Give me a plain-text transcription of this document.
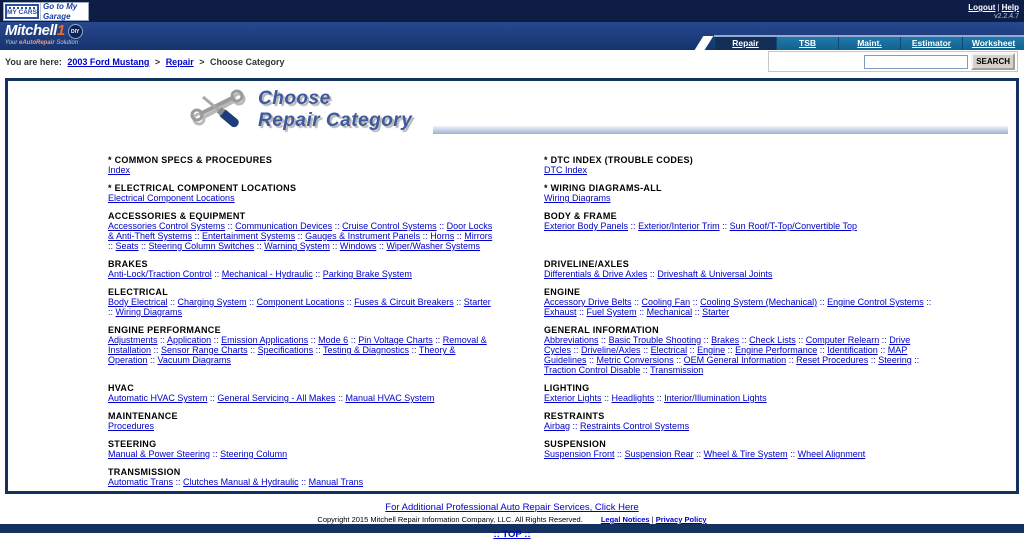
MY CARS
Go to My Garage
Logout | Help
v2.2.4.7
Mitchell1 DIY
Your eAutoRepair Solution	Repair	TSB	Maint.	Estimator	Worksheet
You are here: 2003 Ford Mustang > Repair > Choose Category	SEARCH
Choose
Repair Category
* COMMON SPECS & PROCEDURES
Index
* DTC INDEX (TROUBLE CODES)
DTC Index
* ELECTRICAL COMPONENT LOCATIONS
Electrical Component Locations
* WIRING DIAGRAMS-ALL
Wiring Diagrams
ACCESSORIES & EQUIPMENT
Accessories Control Systems :: Communication Devices :: Cruise Control Systems :: Door Locks & Anti-Theft Systems :: Entertainment Systems :: Gauges & Instrument Panels :: Horns :: Mirrors :: Seats :: Steering Column Switches :: Warning System :: Windows :: Wiper/Washer Systems
BODY & FRAME
Exterior Body Panels :: Exterior/Interior Trim :: Sun Roof/T-Top/Convertible Top
BRAKES
Anti-Lock/Traction Control :: Mechanical - Hydraulic :: Parking Brake System
DRIVELINE/AXLES
Differentials & Drive Axles :: Driveshaft & Universal Joints
ELECTRICAL
Body Electrical :: Charging System :: Component Locations :: Fuses & Circuit Breakers :: Starter :: Wiring Diagrams
ENGINE
Accessory Drive Belts :: Cooling Fan :: Cooling System (Mechanical) :: Engine Control Systems :: Exhaust :: Fuel System :: Mechanical :: Starter
ENGINE PERFORMANCE
Adjustments :: Application :: Emission Applications :: Mode 6 :: Pin Voltage Charts :: Removal & Installation :: Sensor Range Charts :: Specifications :: Testing & Diagnostics :: Theory & Operation :: Vacuum Diagrams
GENERAL INFORMATION
Abbreviations :: Basic Trouble Shooting :: Brakes :: Check Lists :: Computer Relearn :: Drive Cycles :: Driveline/Axles :: Electrical :: Engine :: Engine Performance :: Identification :: MAP Guidelines :: Metric Conversions :: OEM General Information :: Reset Procedures :: Steering :: Traction Control Disable :: Transmission
HVAC
Automatic HVAC System :: General Servicing - All Makes :: Manual HVAC System
LIGHTING
Exterior Lights :: Headlights :: Interior/Illumination Lights
MAINTENANCE
Procedures
RESTRAINTS
Airbag :: Restraints Control Systems
STEERING
Manual & Power Steering :: Steering Column
SUSPENSION
Suspension Front :: Suspension Rear :: Wheel & Tire System :: Wheel Alignment
TRANSMISSION
Automatic Trans :: Clutches Manual & Hydraulic :: Manual Trans
For Additional Professional Auto Repair Services, Click Here
Copyright 2015 Mitchell Repair Information Company, LLC. All Rights Reserved. Legal Notices | Privacy Policy
:: TOP ::
